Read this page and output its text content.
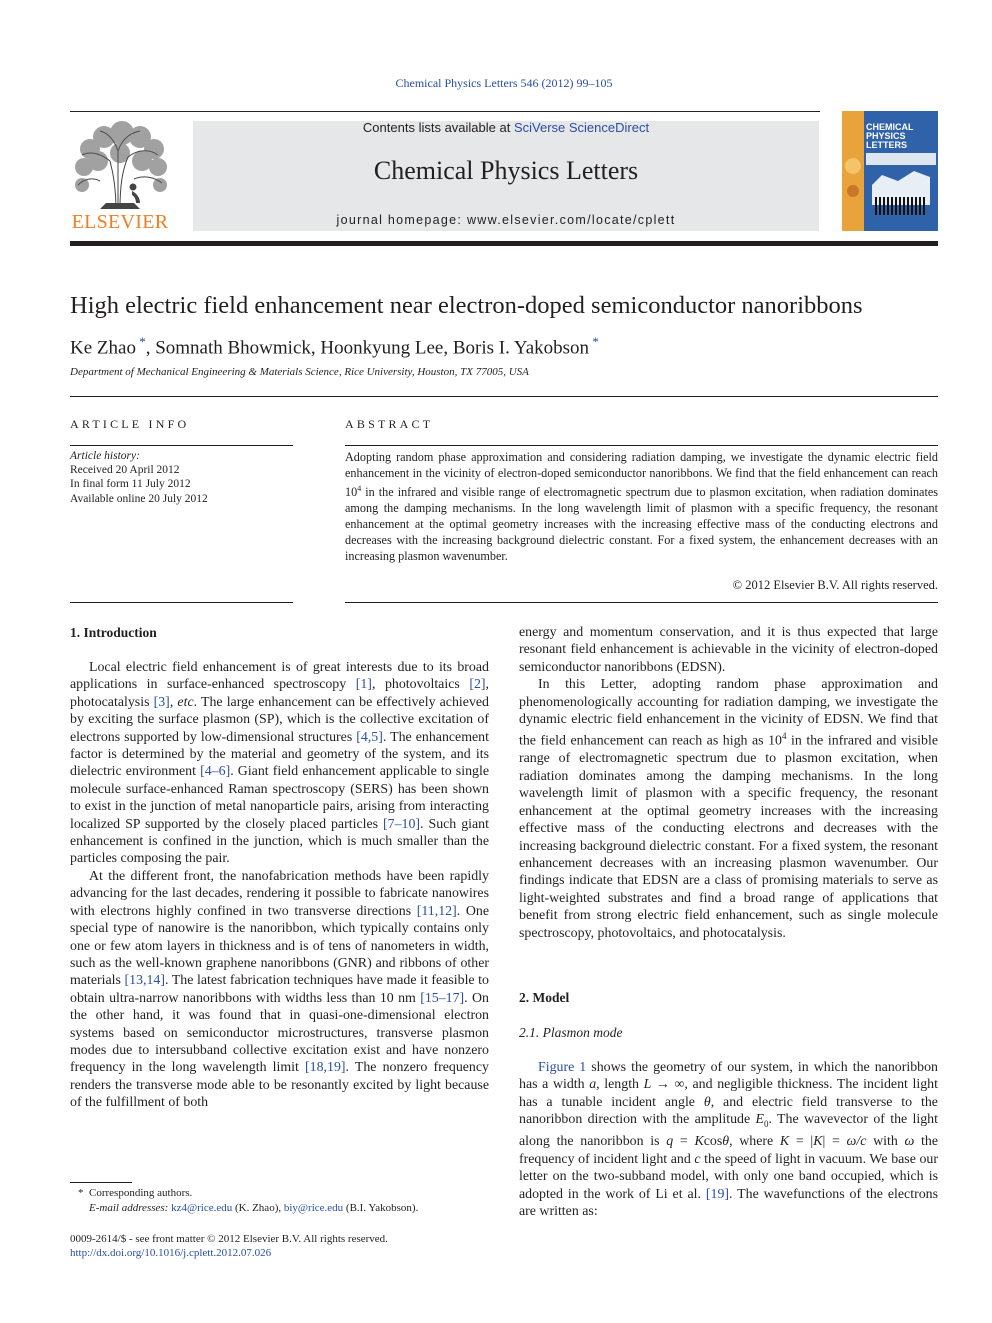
Chemical Physics Letters 546 (2012) 99–105
ELSEVIER
Contents lists available at SciVerse ScienceDirect
Chemical Physics Letters
journal homepage: www.elsevier.com/locate/cplett
CHEMICAL PHYSICS LETTERS
High electric field enhancement near electron-doped semiconductor nanoribbons
Ke Zhao *, Somnath Bhowmick, Hoonkyung Lee, Boris I. Yakobson *
Department of Mechanical Engineering & Materials Science, Rice University, Houston, TX 77005, USA
ARTICLE INFO	ABSTRACT
Article history:
Received 20 April 2012
In final form 11 July 2012
Available online 20 July 2012
Adopting random phase approximation and considering radiation damping, we investigate the dynamic electric field enhancement in the vicinity of electron-doped semiconductor nanoribbons. We find that the field enhancement can reach $10^4$ in the infrared and visible range of electromagnetic spectrum due to plasmon excitation, when radiation dominates among the damping mechanisms. In the long wavelength limit of plasmon with a specific frequency, the resonant enhancement at the optimal geometry increases with the increasing effective mass of the conducting electrons and decreases with the increasing background dielectric constant. For a fixed system, the enhancement decreases with an increasing plasmon wavenumber.
© 2012 Elsevier B.V. All rights reserved.
1. Introduction

Local electric field enhancement is of great interests due to its broad applications in surface-enhanced spectroscopy [1], photovoltaics [2], photocatalysis [3], etc. The large enhancement can be effectively achieved by exciting the surface plasmon (SP), which is the collective excitation of electrons supported by low-dimensional structures [4,5]. The enhancement factor is determined by the material and geometry of the system, and its dielectric environment [4–6]. Giant field enhancement applicable to single molecule surface-enhanced Raman spectroscopy (SERS) has been shown to exist in the junction of metal nanoparticle pairs, arising from interacting localized SP supported by the closely placed particles [7–10]. Such giant enhancement is confined in the junction, which is much smaller than the particles composing the pair.

At the different front, the nanofabrication methods have been rapidly advancing for the last decades, rendering it possible to fabricate nanowires with electrons highly confined in two transverse directions [11,12]. One special type of nanowire is the nanoribbon, which typically contains only one or few atom layers in thickness and is of tens of nanometers in width, such as the well-known graphene nanoribbons (GNR) and ribbons of other materials [13,14]. The latest fabrication techniques have made it feasible to obtain ultra-narrow nanoribbons with widths less than 10 nm [15–17]. On the other hand, it was found that in quasi-one-dimensional electron systems based on semiconductor microstructures, transverse plasmon modes due to intersubband collective excitation exist and have nonzero frequency in the long wavelength limit [18,19]. The nonzero frequency renders the transverse mode able to be resonantly excited by light because of the fulfillment of both

* Corresponding authors.
E-mail addresses: kz4@rice.edu (K. Zhao), biy@rice.edu (B.I. Yakobson).
0009-2614/$ - see front matter © 2012 Elsevier B.V. All rights reserved.
http://dx.doi.org/10.1016/j.cplett.2012.07.026

energy and momentum conservation, and it is thus expected that large resonant field enhancement is achievable in the vicinity of electron-doped semiconductor nanoribbons (EDSN).

In this Letter, adopting random phase approximation and phenomenologically accounting for radiation damping, we investigate the dynamic electric field enhancement in the vicinity of EDSN. We find that the field enhancement can reach as high as $10^4$ in the infrared and visible range of electromagnetic spectrum due to plasmon excitation, when radiation dominates among the damping mechanisms. In the long wavelength limit of plasmon with a specific frequency, the resonant enhancement at the optimal geometry increases with the increasing effective mass of the conducting electrons and decreases with the increasing background dielectric constant. For a fixed system, the resonant enhancement decreases with an increasing plasmon wavenumber. Our findings indicate that EDSN are a class of promising materials to serve as light-weighted substrates and find a broad range of applications that benefit from strong electric field enhancement, such as single molecule spectroscopy, photovoltaics, and photocatalysis.

2. Model
2.1. Plasmon mode

Figure 1 shows the geometry of our system, in which the nanoribbon has a width a, length L → ∞, and negligible thickness. The incident light has a tunable incident angle θ, and electric field transverse to the nanoribbon direction with the amplitude $E_0$. The wavevector of the light along the nanoribbon is q = Kcosθ, where K = |K| = ω/c with ω the frequency of incident light and c the speed of light in vacuum. We base our letter on the two-subband model, with only one band occupied, which is adopted in the work of Li et al. [19]. The wavefunctions of the electrons are written as:
